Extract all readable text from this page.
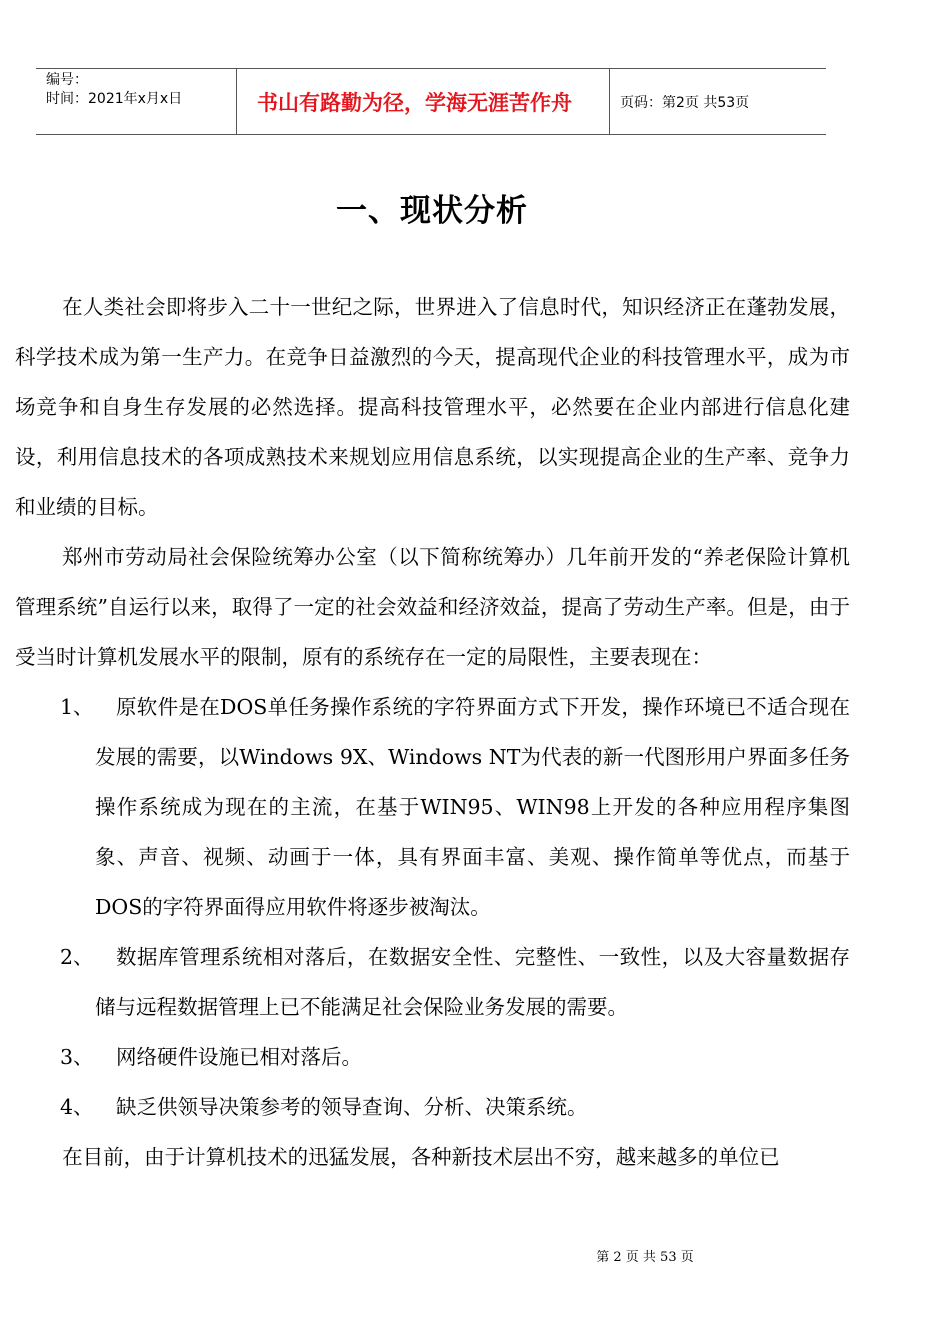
编号：
时间：2021年x月x日	书山有路勤为径，学海无涯苦作舟	页码：第2页 共53页
一、现状分析

在人类社会即将步入二十一世纪之际，世界进入了信息时代，知识经济正在蓬勃发展，科学技术成为第一生产力。在竞争日益激烈的今天，提高现代企业的科技管理水平，成为市场竞争和自身生存发展的必然选择。提高科技管理水平，必然要在企业内部进行信息化建设，利用信息技术的各项成熟技术来规划应用信息系统，以实现提高企业的生产率、竞争力和业绩的目标。

郑州市劳动局社会保险统筹办公室（以下简称统筹办）几年前开发的“养老保险计算机管理系统”自运行以来，取得了一定的社会效益和经济效益，提高了劳动生产率。但是，由于受当时计算机发展水平的限制，原有的系统存在一定的局限性，主要表现在：

1、	原软件是在DOS单任务操作系统的字符界面方式下开发，操作环境已不适合现在发展的需要，以Windows 9X、Windows NT为代表的新一代图形用户界面多任务操作系统成为现在的主流，在基于WIN95、WIN98上开发的各种应用程序集图象、声音、视频、动画于一体，具有界面丰富、美观、操作简单等优点，而基于DOS的字符界面得应用软件将逐步被淘汰。
2、	数据库管理系统相对落后，在数据安全性、完整性、一致性，以及大容量数据存储与远程数据管理上已不能满足社会保险业务发展的需要。
3、	网络硬件设施已相对落后。
4、	缺乏供领导决策参考的领导查询、分析、决策系统。

在目前，由于计算机技术的迅猛发展，各种新技术层出不穷，越来越多的单位已

第 2 页 共 53 页
